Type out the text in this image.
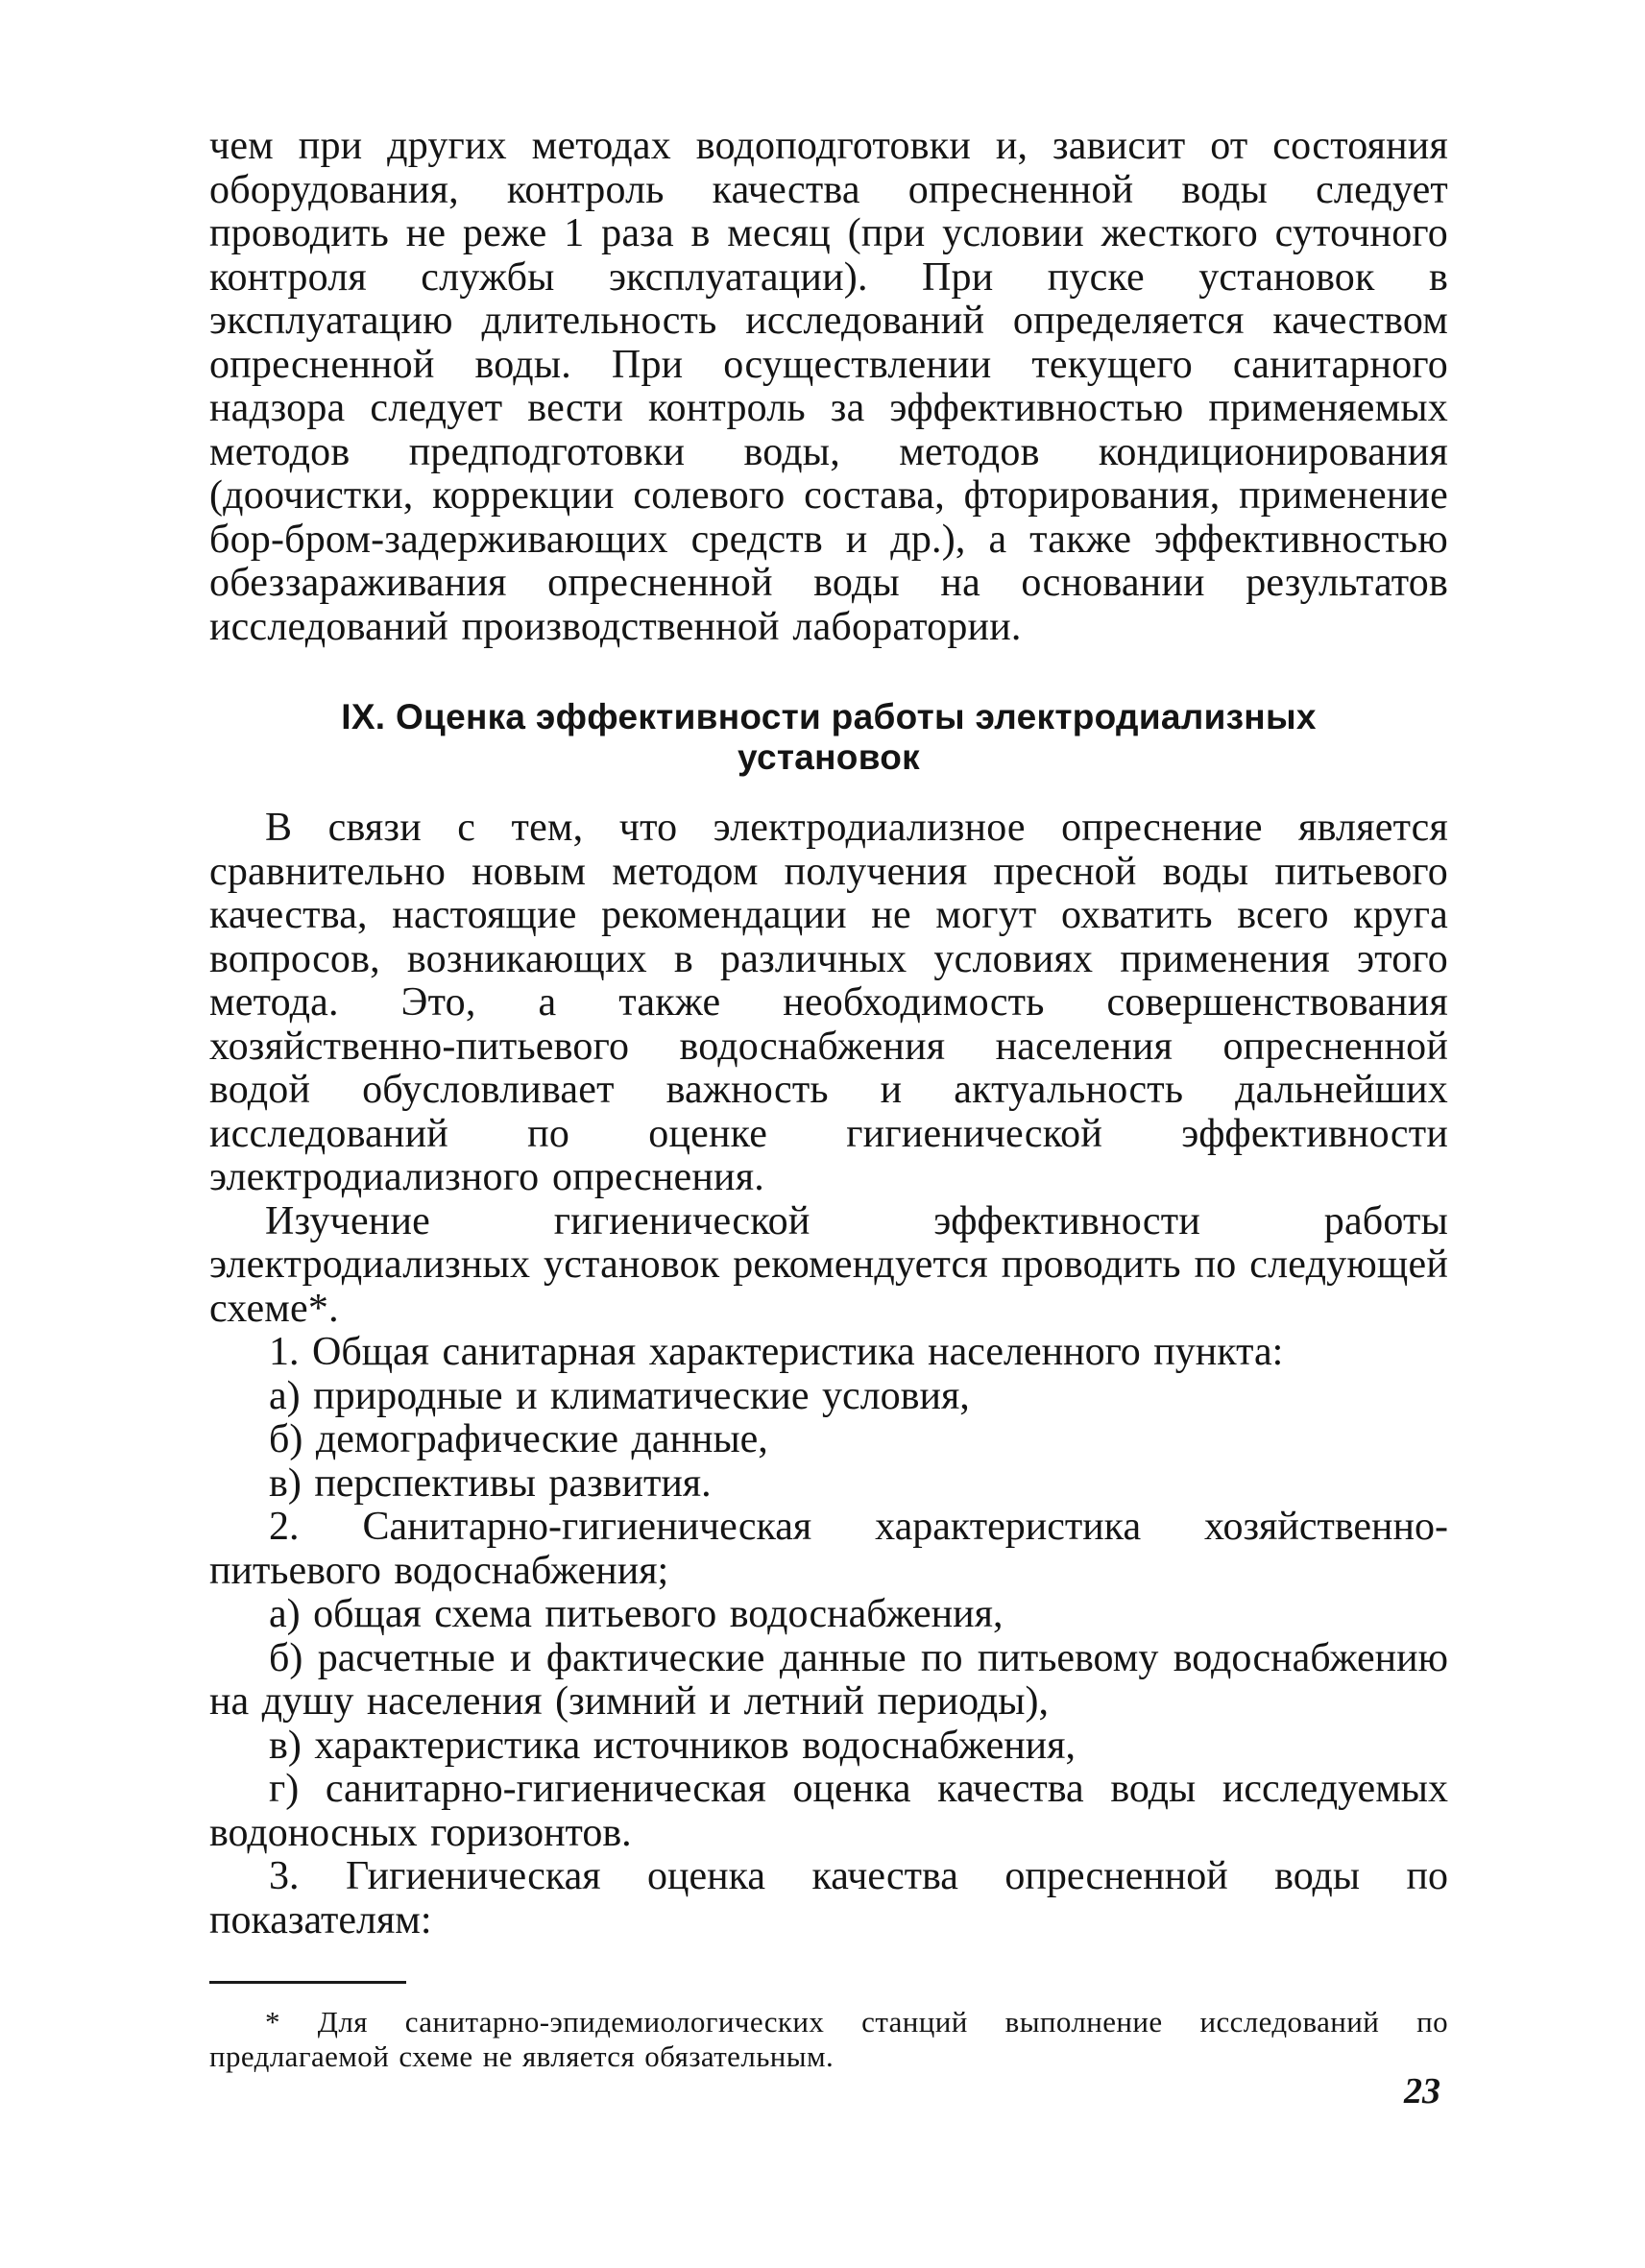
чем при других методах водоподготовки и, зависит от состояния оборудования, контроль качества опресненной воды следует проводить не реже 1 раза в месяц (при условии жесткого суточного контроля службы эксплуатации). При пуске установок в эксплуатацию длительность исследований определяется качеством опресненной воды. При осуществлении текущего санитарного надзора следует вести контроль за эффективностью применяемых методов предподготовки воды, методов кондиционирования (доочистки, коррекции солевого состава, фторирования, применение бор-бром-задерживающих средств и др.), а также эффективностью обеззараживания опресненной воды на основании результатов исследований производственной лаборатории.

IX. Оценка эффективности работы электродиализных
установок

В связи с тем, что электродиализное опреснение является сравнительно новым методом получения пресной воды питьевого качества, настоящие рекомендации не могут охватить всего круга вопросов, возникающих в различных условиях применения этого метода. Это, а также необходимость совершенствования хозяйственно-питьевого водоснабжения населения опресненной водой обусловливает важность и актуальность дальнейших исследований по оценке гигиенической эффективности электродиализного опреснения.

Изучение гигиенической эффективности работы электродиализных установок рекомендуется проводить по следующей схеме*.

1. Общая санитарная характеристика населенного пункта:

а) природные и климатические условия,

б) демографические данные,

в) перспективы развития.

2. Санитарно-гигиеническая характеристика хозяйственно-питьевого водоснабжения;

а) общая схема питьевого водоснабжения,

б) расчетные и фактические данные по питьевому водоснабжению на душу населения (зимний и летний периоды),

в) характеристика источников водоснабжения,

г) санитарно-гигиеническая оценка качества воды исследуемых водоносных горизонтов.

3. Гигиеническая оценка качества опресненной воды по показателям:

* Для санитарно-эпидемиологических станций выполнение исследований по предлагаемой схеме не является обязательным.

23
